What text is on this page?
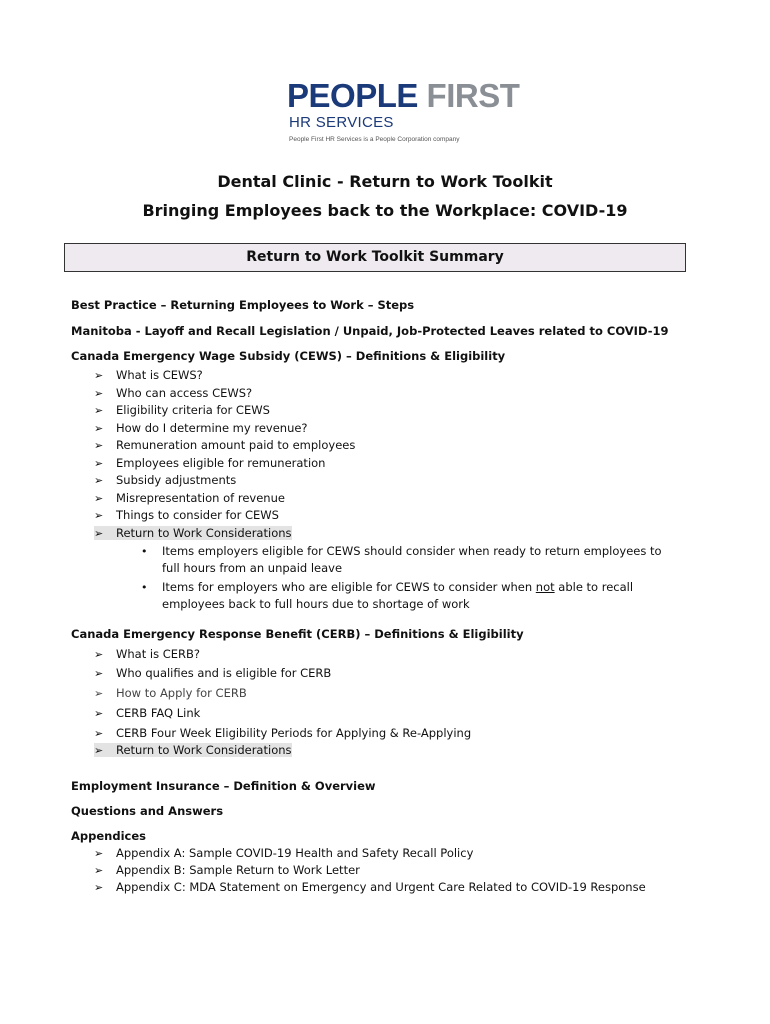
PEOPLE FIRST
HR SERVICES
People First HR Services is a People Corporation company
Dental Clinic - Return to Work Toolkit
Bringing Employees back to the Workplace: COVID-19
Return to Work Toolkit Summary
Best Practice – Returning Employees to Work – Steps
Manitoba - Layoff and Recall Legislation / Unpaid, Job-Protected Leaves related to COVID-19
Canada Emergency Wage Subsidy (CEWS) – Definitions & Eligibility
➢ What is CEWS?
➢ Who can access CEWS?
➢ Eligibility criteria for CEWS
➢ How do I determine my revenue?
➢ Remuneration amount paid to employees
➢ Employees eligible for remuneration
➢ Subsidy adjustments
➢ Misrepresentation of revenue
➢ Things to consider for CEWS
➢ Return to Work Considerations
• Items employers eligible for CEWS should consider when ready to return employees to full hours from an unpaid leave
• Items for employers who are eligible for CEWS to consider when not able to recall employees back to full hours due to shortage of work
Canada Emergency Response Benefit (CERB) – Definitions & Eligibility
➢ What is CERB?
➢ Who qualifies and is eligible for CERB
➢ How to Apply for CERB
➢ CERB FAQ Link
➢ CERB Four Week Eligibility Periods for Applying & Re-Applying
➢ Return to Work Considerations
Employment Insurance – Definition & Overview
Questions and Answers
Appendices
➢ Appendix A: Sample COVID-19 Health and Safety Recall Policy
➢ Appendix B: Sample Return to Work Letter
➢ Appendix C: MDA Statement on Emergency and Urgent Care Related to COVID-19 Response
